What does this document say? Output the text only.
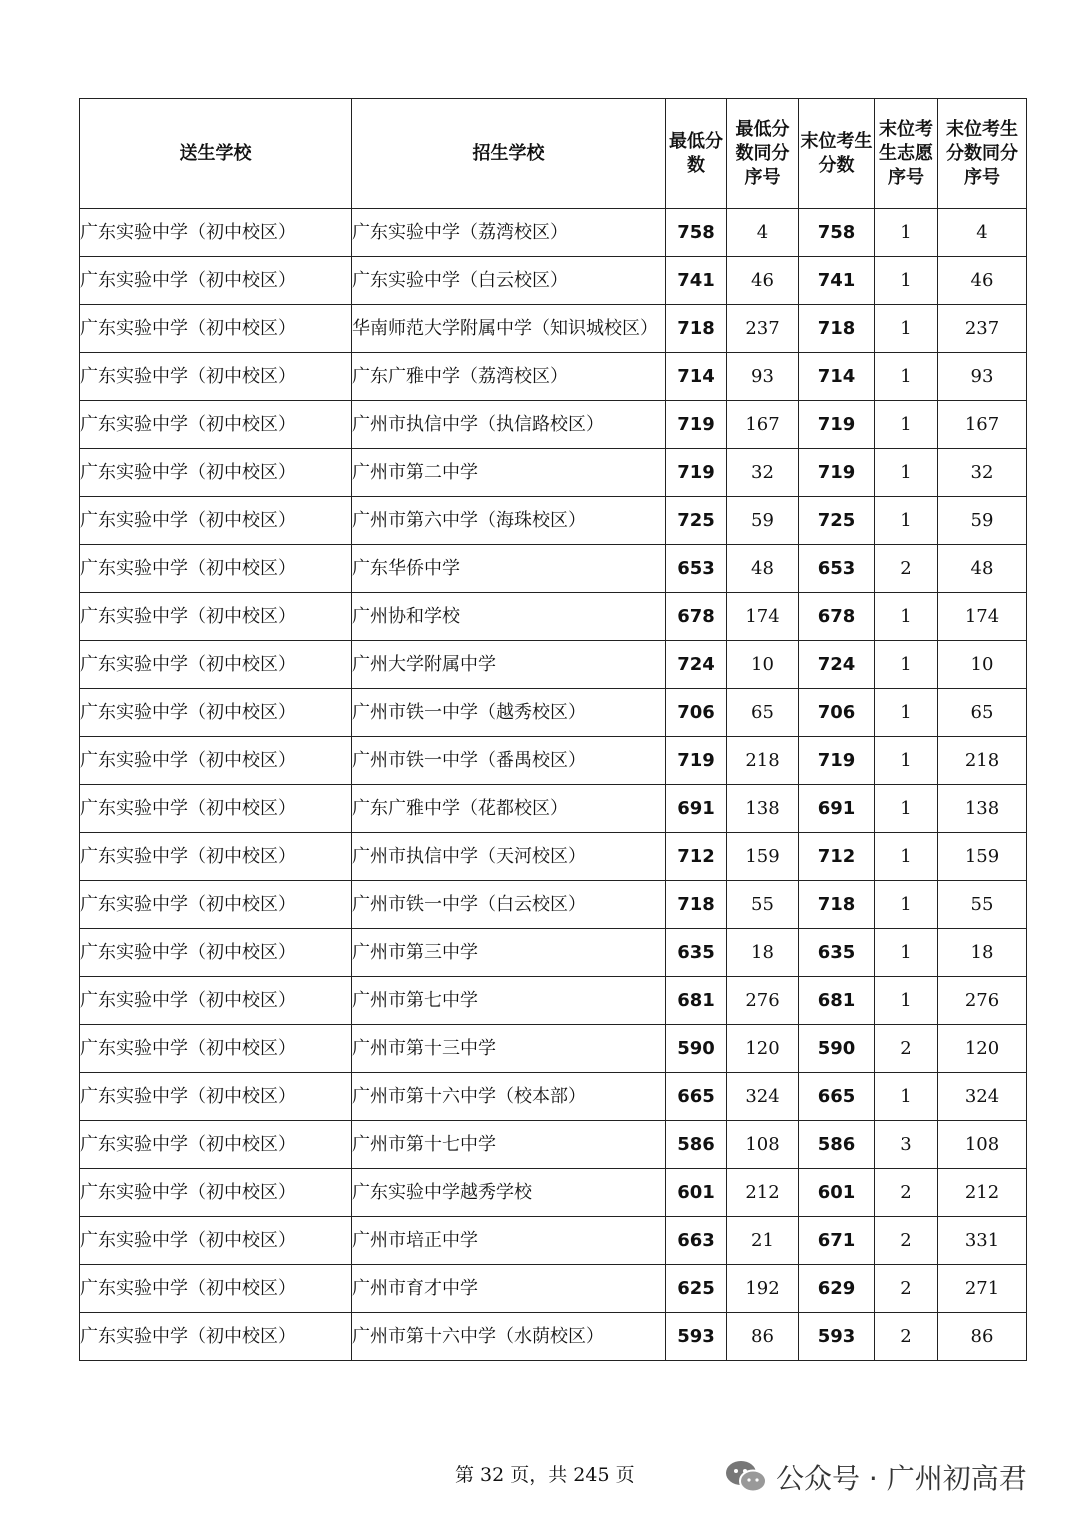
送生学校	招生学校	最低分数	最低分数同分序号	末位考生分数	末位考生志愿序号	末位考生分数同分序号
广东实验中学（初中校区）	广东实验中学（荔湾校区）	758	4	758	1	4
广东实验中学（初中校区）	广东实验中学（白云校区）	741	46	741	1	46
广东实验中学（初中校区）	华南师范大学附属中学（知识城校区）	718	237	718	1	237
广东实验中学（初中校区）	广东广雅中学（荔湾校区）	714	93	714	1	93
广东实验中学（初中校区）	广州市执信中学（执信路校区）	719	167	719	1	167
广东实验中学（初中校区）	广州市第二中学	719	32	719	1	32
广东实验中学（初中校区）	广州市第六中学（海珠校区）	725	59	725	1	59
广东实验中学（初中校区）	广东华侨中学	653	48	653	2	48
广东实验中学（初中校区）	广州协和学校	678	174	678	1	174
广东实验中学（初中校区）	广州大学附属中学	724	10	724	1	10
广东实验中学（初中校区）	广州市铁一中学（越秀校区）	706	65	706	1	65
广东实验中学（初中校区）	广州市铁一中学（番禺校区）	719	218	719	1	218
广东实验中学（初中校区）	广东广雅中学（花都校区）	691	138	691	1	138
广东实验中学（初中校区）	广州市执信中学（天河校区）	712	159	712	1	159
广东实验中学（初中校区）	广州市铁一中学（白云校区）	718	55	718	1	55
广东实验中学（初中校区）	广州市第三中学	635	18	635	1	18
广东实验中学（初中校区）	广州市第七中学	681	276	681	1	276
广东实验中学（初中校区）	广州市第十三中学	590	120	590	2	120
广东实验中学（初中校区）	广州市第十六中学（校本部）	665	324	665	1	324
广东实验中学（初中校区）	广州市第十七中学	586	108	586	3	108
广东实验中学（初中校区）	广东实验中学越秀学校	601	212	601	2	212
广东实验中学（初中校区）	广州市培正中学	663	21	671	2	331
广东实验中学（初中校区）	广州市育才中学	625	192	629	2	271
广东实验中学（初中校区）	广州市第十六中学（水荫校区）	593	86	593	2	86
第 32 页，共 245 页	公众号 · 广州初高君
